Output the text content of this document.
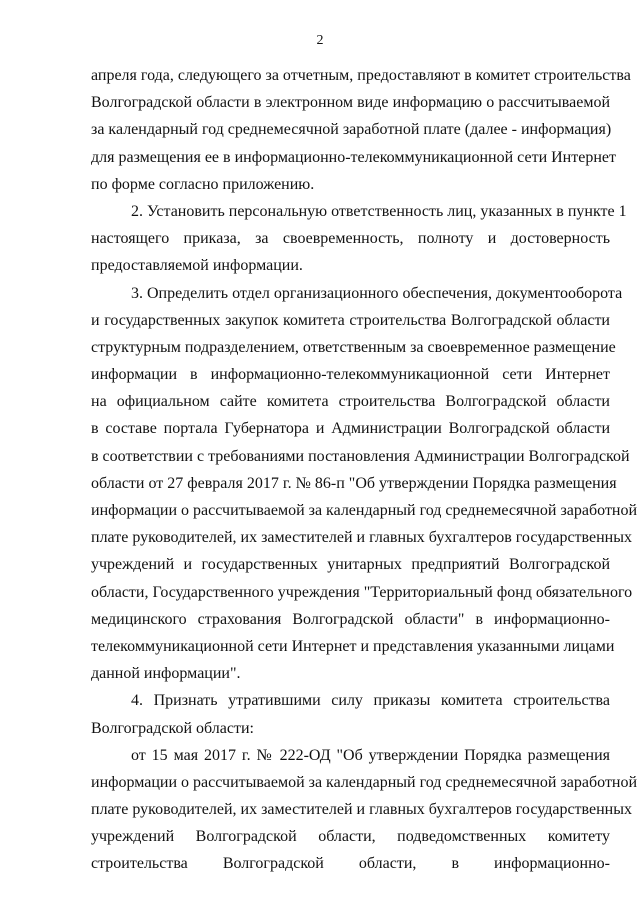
2
апреля года, следующего за отчетным, предоставляют в комитет строительства
Волгоградской области в электронном виде информацию о рассчитываемой
за календарный год среднемесячной заработной плате (далее - информация)
для размещения ее в информационно-телекоммуникационной сети Интернет
по форме согласно приложению.
2. Установить персональную ответственность лиц, указанных в пункте 1
настоящего приказа, за своевременность, полноту и достоверность
предоставляемой информации.
3. Определить отдел организационного обеспечения, документооборота
и государственных закупок комитета строительства Волгоградской области
структурным подразделением, ответственным за своевременное размещение
информации в информационно-телекоммуникационной сети Интернет
на официальном сайте комитета строительства Волгоградской области
в составе портала Губернатора и Администрации Волгоградской области
в соответствии с требованиями постановления Администрации Волгоградской
области от 27 февраля 2017 г. № 86-п "Об утверждении Порядка размещения
информации о рассчитываемой за календарный год среднемесячной заработной
плате руководителей, их заместителей и главных бухгалтеров государственных
учреждений и государственных унитарных предприятий Волгоградской
области, Государственного учреждения "Территориальный фонд обязательного
медицинского страхования Волгоградской области" в информационно-
телекоммуникационной сети Интернет и представления указанными лицами
данной информации".
4. Признать утратившими силу приказы комитета строительства
Волгоградской области:
от 15 мая 2017 г. № 222-ОД "Об утверждении Порядка размещения
информации о рассчитываемой за календарный год среднемесячной заработной
плате руководителей, их заместителей и главных бухгалтеров государственных
учреждений Волгоградской области, подведомственных комитету
строительства Волгоградской области, в информационно-
